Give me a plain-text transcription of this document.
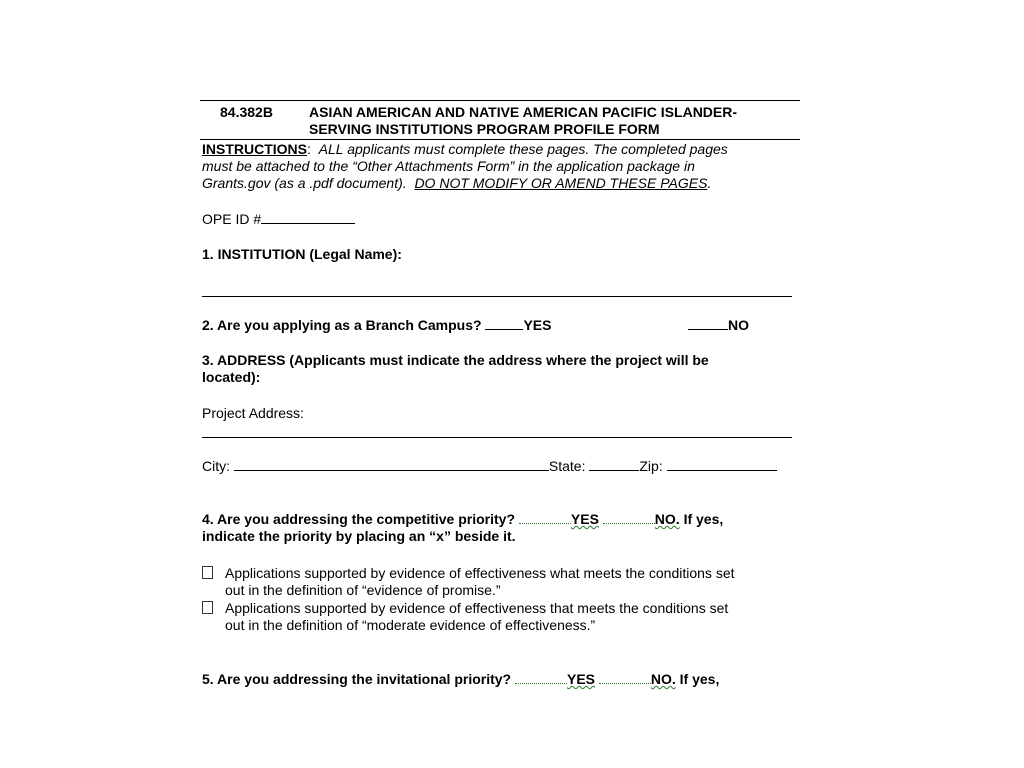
84.382B	ASIAN AMERICAN AND NATIVE AMERICAN PACIFIC ISLANDER-
SERVING INSTITUTIONS PROGRAM PROFILE FORM
INSTRUCTIONS: ALL applicants must complete these pages. The completed pages
must be attached to the “Other Attachments Form” in the application package in
Grants.gov (as a .pdf document). DO NOT MODIFY OR AMEND THESE PAGES.
OPE ID #
1. INSTITUTION (Legal Name):
2. Are you applying as a Branch Campus?	YES	NO
3. ADDRESS (Applicants must indicate the address where the project will be
located):
Project Address:
City:	State:	Zip:
4. Are you addressing the competitive priority?	YES	NO. If yes,
indicate the priority by placing an “x” beside it.
Applications supported by evidence of effectiveness what meets the conditions set
out in the definition of “evidence of promise.”
Applications supported by evidence of effectiveness that meets the conditions set
out in the definition of “moderate evidence of effectiveness.”
5. Are you addressing the invitational priority?	YES	NO. If yes,
